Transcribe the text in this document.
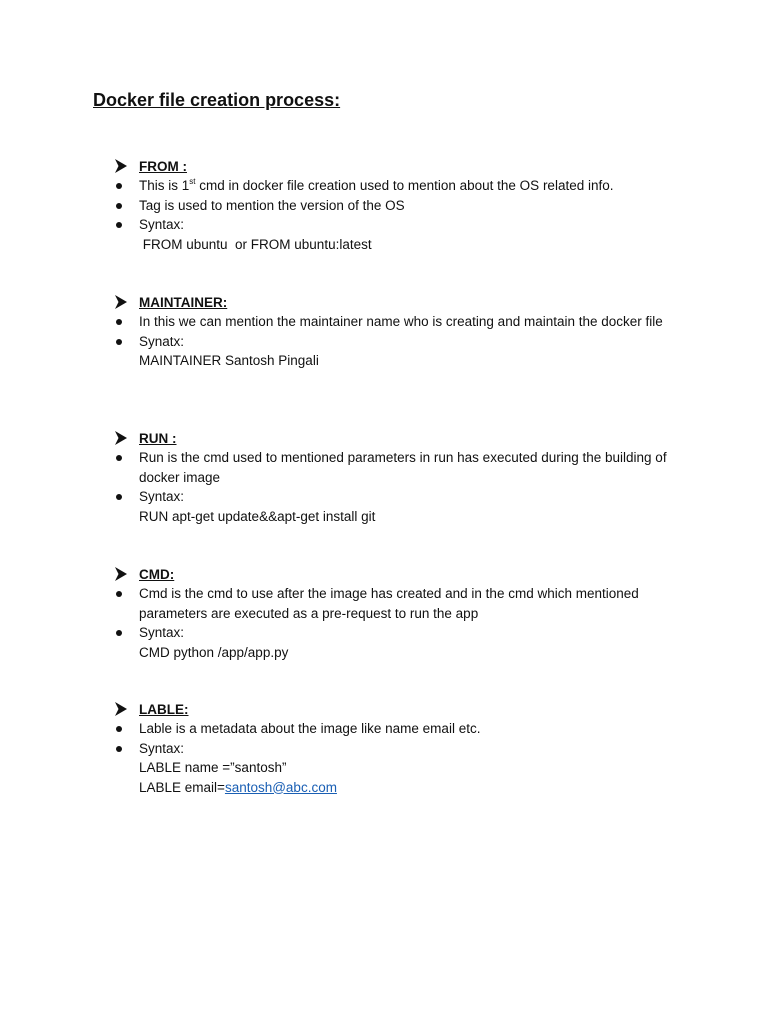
Docker file creation process:
FROM :
This is 1st cmd in docker file creation used to mention about the OS related info.
Tag is used to mention the version of the OS
Syntax:
FROM ubuntu  or FROM ubuntu:latest
MAINTAINER:
In this we can mention the maintainer name who is creating and maintain the docker file
Synatx:
MAINTAINER Santosh Pingali
RUN :
Run is the cmd used to mentioned parameters in run has executed during the building of docker image
Syntax:
RUN apt-get update&&apt-get install git
CMD:
Cmd is the cmd to use after the image has created and in the cmd which mentioned parameters are executed as a pre-request to run the app
Syntax:
CMD python /app/app.py
LABLE:
Lable is a metadata about the image like name email etc.
Syntax:
LABLE name =”santosh”
LABLE email=santosh@abc.com
